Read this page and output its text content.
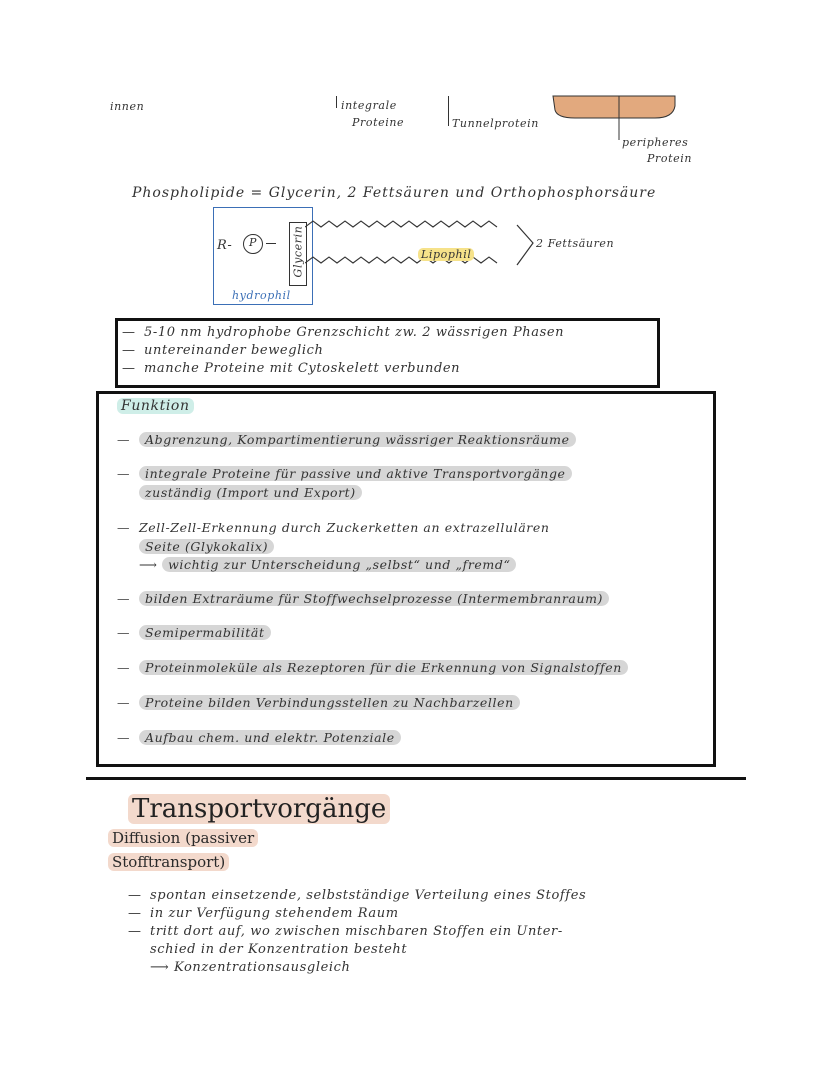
innen	integrale
Proteine	Tunnelprotein
peripheres
Protein
Phospholipide = Glycerin, 2 Fettsäuren und Orthophosphorsäure
R- P	Glycerin
hydrophil
Lipophil
2 Fettsäuren
— 5-10 nm hydrophobe Grenzschicht zw. 2 wässrigen Phasen
— untereinander beweglich
— manche Proteine mit Cytoskelett verbunden
Funktion
— Abgrenzung, Kompartimentierung wässriger Reaktionsräume
— integrale Proteine für passive und aktive Transportvorgänge
zuständig (Import und Export)
— Zell-Zell-Erkennung durch Zuckerketten an extrazellulären
Seite (Glykokalix)
⟶ wichtig zur Unterscheidung „selbst“ und „fremd“
— bilden Extraräume für Stoffwechselprozesse (Intermembranraum)
— Semipermabilität
— Proteinmoleküle als Rezeptoren für die Erkennung von Signalstoffen
— Proteine bilden Verbindungsstellen zu Nachbarzellen
— Aufbau chem. und elektr. Potenziale
Transportvorgänge
Diffusion (passiver
Stofftransport)
— spontan einsetzende, selbstständige Verteilung eines Stoffes
— in zur Verfügung stehendem Raum
— tritt dort auf, wo zwischen mischbaren Stoffen ein Unter-
schied in der Konzentration besteht
⟶ Konzentrationsausgleich
